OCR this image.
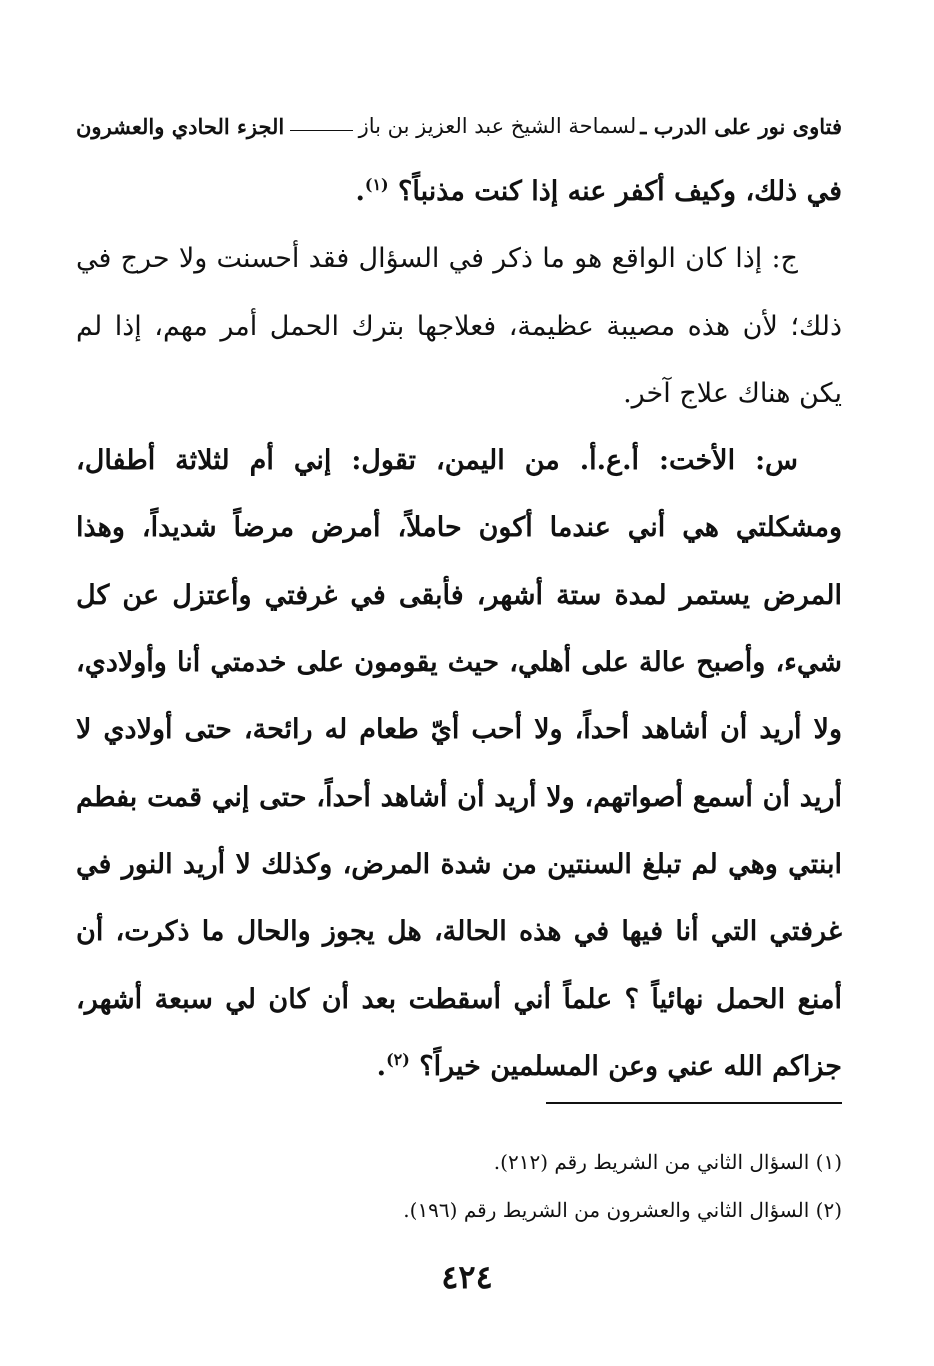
فتاوى نور على الدرب ـ
لسماحة الشيخ عبد العزيز بن باز
الجزء الحادي والعشرون

في ذلك، وكيف أكفر عنه إذا كنت مذنباً؟ $^{(١)}$.

ج: إذا كان الواقع هو ما ذكر في السؤال فقد أحسنت ولا حرج في ذلك؛ لأن هذه مصيبة عظيمة، فعلاجها بترك الحمل أمر مهم، إذا لم يكن هناك علاج آخر.

س: الأخت: أ.ع.أ. من اليمن، تقول: إني أم لثلاثة أطفال، ومشكلتي هي أني عندما أكون حاملاً، أمرض مرضاً شديداً، وهذا المرض يستمر لمدة ستة أشهر، فأبقى في غرفتي وأعتزل عن كل شيء، وأصبح عالة على أهلي، حيث يقومون على خدمتي أنا وأولادي، ولا أريد أن أشاهد أحداً، ولا أحب أيّ طعام له رائحة، حتى أولادي لا أريد أن أسمع أصواتهم، ولا أريد أن أشاهد أحداً، حتى إني قمت بفطم ابنتي وهي لم تبلغ السنتين من شدة المرض، وكذلك لا أريد النور في غرفتي التي أنا فيها في هذه الحالة، هل يجوز والحال ما ذكرت، أن أمنع الحمل نهائياً ؟ علماً أني أسقطت بعد أن كان لي سبعة أشهر، جزاكم الله عني وعن المسلمين خيراً؟ $^{(٢)}$.

(١) السؤال الثاني من الشريط رقم (٢١٢).

(٢) السؤال الثاني والعشرون من الشريط رقم (١٩٦).

٤٢٤
